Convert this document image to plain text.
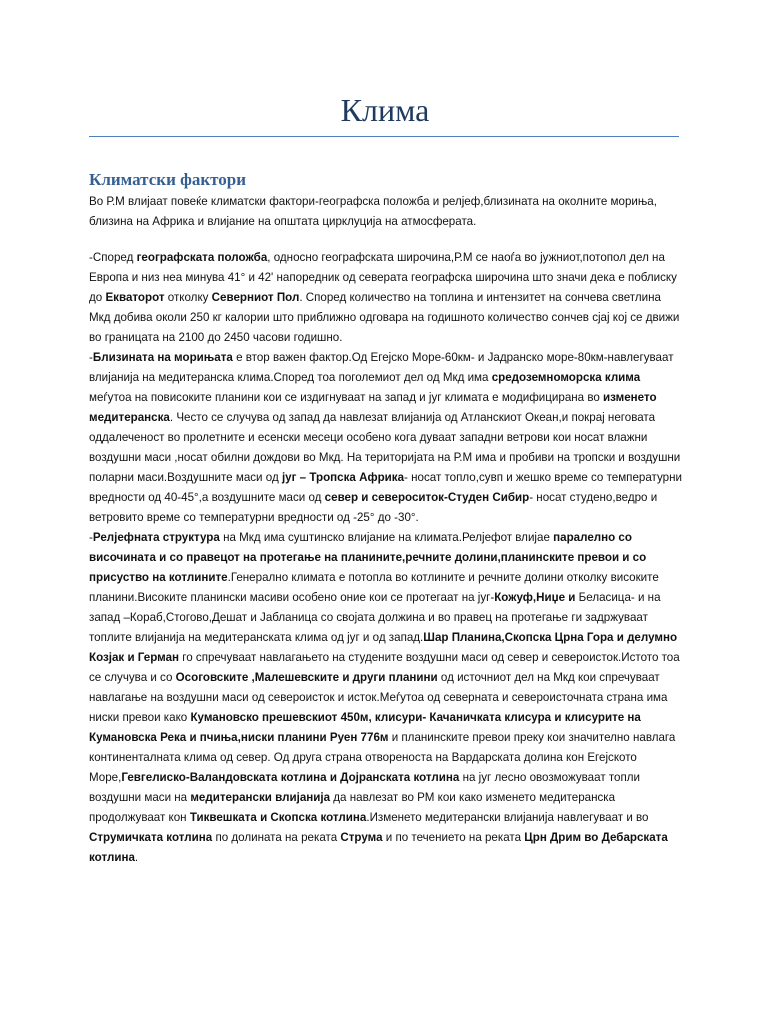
Клима
Климатски фактори
Во Р.М влијаат повеќе климатски фактори-географска положба и релјеф,близината на околните мориња, близина на Африка и влијание на општата цирклуција на атмосферата.

-Според географската положба, односно географската широчина,Р.М се наоѓа во јужниот,потопол дел на Европа и низ неа минува 41° и 42' напоредник од северата географска широчина што значи дека е поблиску до Екваторот отколку Северниот Пол. Според количество на топлина и интензитет на сончева светлина Мкд добива околи 250 кг калории што приближно одговара на годишното количество сончев сјај кој се движи во границата на 2100 до 2450 часови годишно.

-Близината на морињата е втор важен фактор.Од Егејско Море-60км- и Јадранско море-80км-навлегуваат влијанија на медитеранска клима.Според тоа поголемиот дел од Мкд има средоземноморска клима меѓутоа на повисоките планини кои се издигнуваат на запад и југ климата е модифицирана во изменето медитеранска. Често се случува од запад да навлезат влијанија од Атланскиот Океан,и покрај неговата оддалеченост во пролетните и есенски месеци особено кога дуваат западни ветрови кои носат влажни воздушни маси ,носат обилни дождови во Мкд. На територијата на Р.М има и пробиви на тропски и воздушни поларни маси.Воздушните маси од југ – Тропска Африка- носат топло,сувп и жешко време со температурни вредности од 40-45°,а воздушните маси од север и североситок-Студен Сибир- носат студено,ведро и ветровито време со температурни вредности од -25° до -30°.

-Релјефната структура на Мкд има суштинско влијание на климата.Релјефот влијае паралелно со височината и со правецот на протегање на планините,речните долини,планинските превои и со присуство на котлините.Генерално климата е потопла во котлините и речните долини отколку високите планини.Високите планински масиви особено оние кои се протегаат на југ-Кожуф,Ниџе и Беласица- и на запад –Кораб,Стогово,Дешат и Јабланица со својата должина и во правец на протегање ги задржуваат топлите влијанија на медитеранската клима од југ и од запад.Шар Планина,Скопска Црна Гора и делумно Козјак и Герман го спречуваат навлагањето на студените воздушни маси од север и североисток.Истото тоа се случува и со Осоговските ,Малешевските и други планини од источниот дел на Мкд кои спречуваат навлагање на воздушни маси од североисток и исток.Меѓутоа од северната и североисточната страна има ниски превои како Кумановско прешевскиот 450м, клисури- Качаничката клисура и клисурите на Кумановска Река и пчиња,ниски планини Руен 776м и планинските превои преку кои значително навлага континенталната клима од север. Од друга страна отвореноста на Вардарската долина кон Егејското Море,Гевгелиско-Валандовската котлина и Дојранската котлина на југ лесно овозможуваат топли воздушни маси на медитерански влијанија да навлезат во РМ кои како изменето медитеранска продолжуваат кон Тиквешката и Скопска котлина.Изменето медитерански влијанија навлегуваат и во Струмичката котлина по долината на реката Струма и по течението на реката Црн Дрим во Дебарската котлина.
